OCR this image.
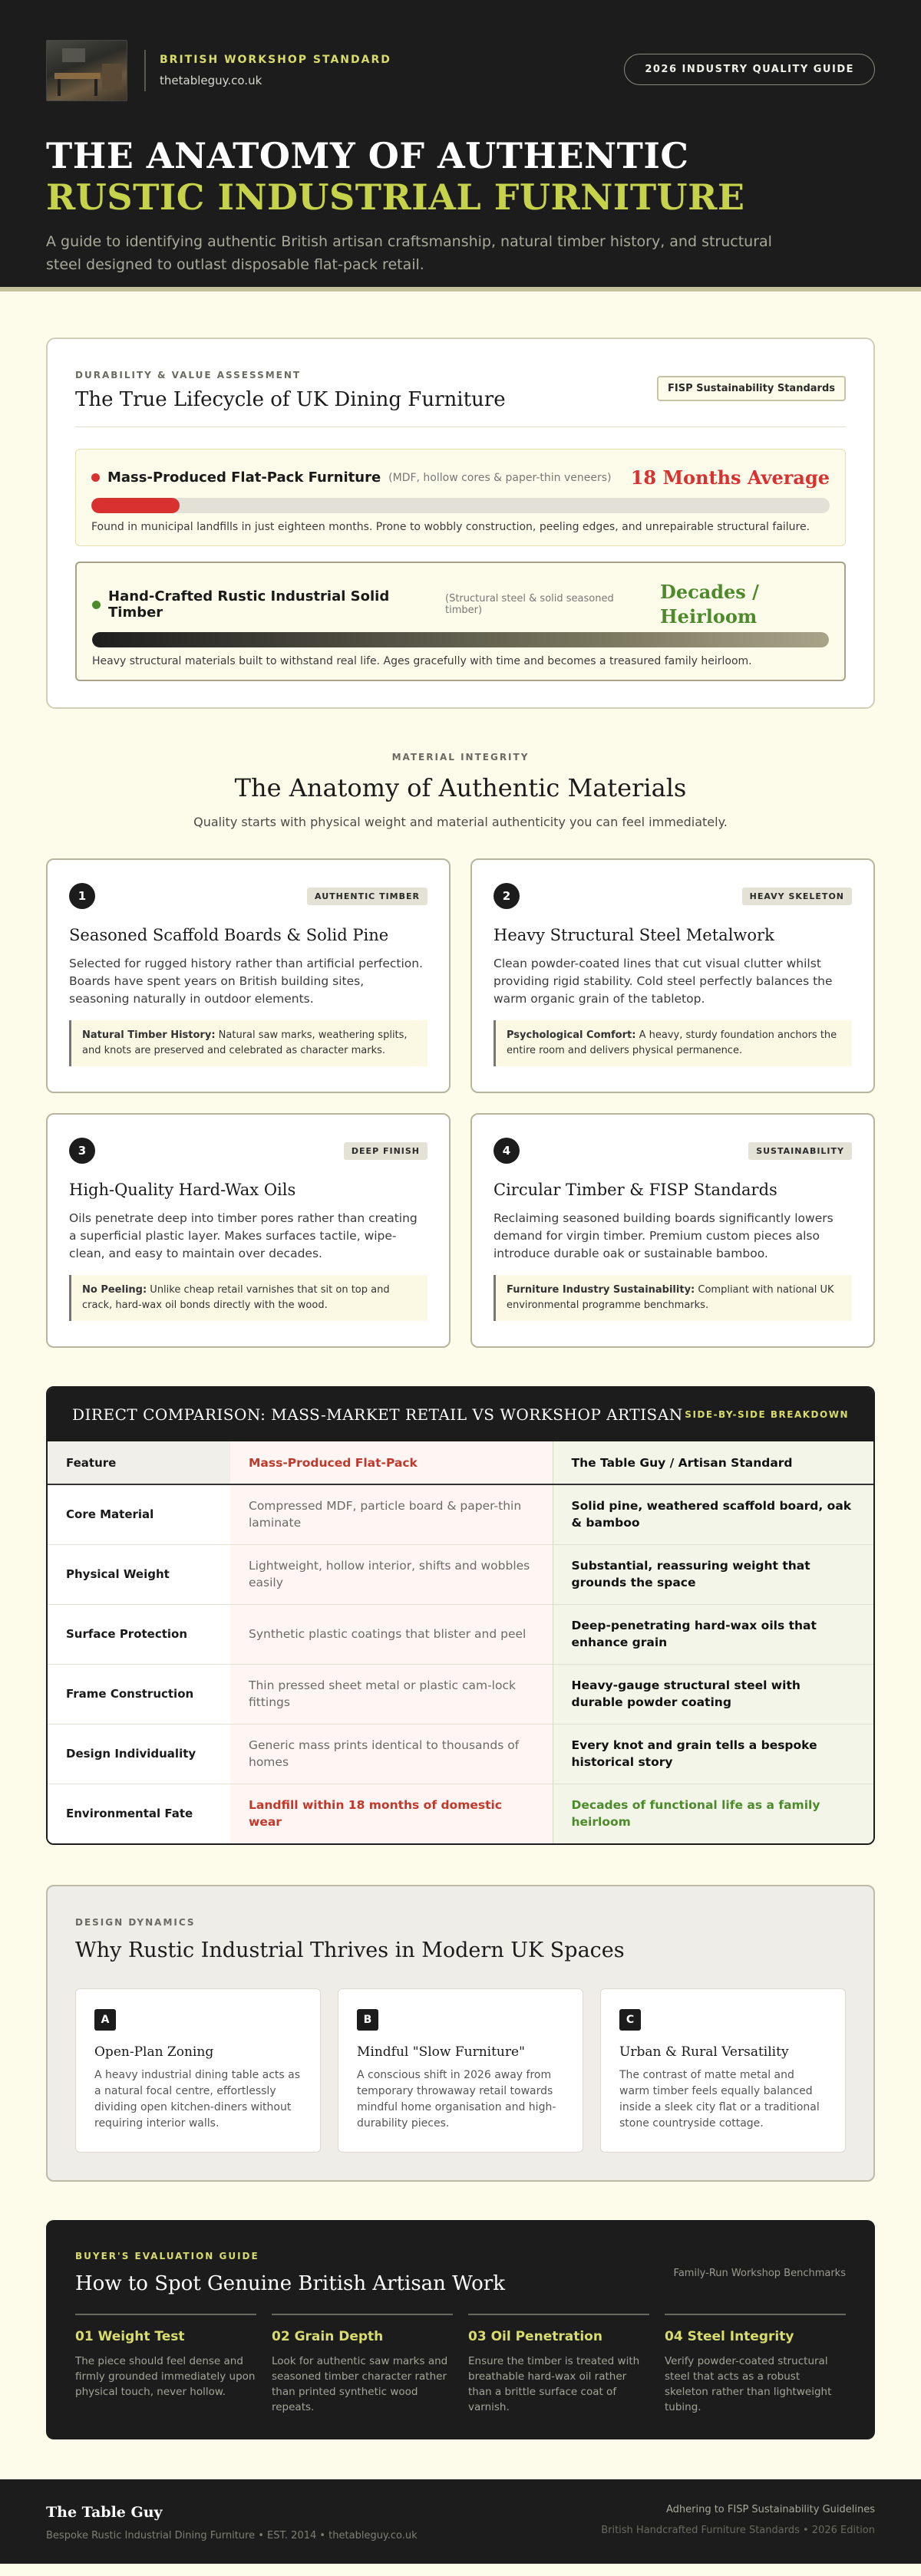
BRITISH WORKSHOP STANDARD
thetableguy.co.uk
2026 INDUSTRY QUALITY GUIDE
THE ANATOMY OF AUTHENTIC
RUSTIC INDUSTRIAL FURNITURE

A guide to identifying authentic British artisan craftsmanship, natural timber history, and structural steel designed to outlast disposable flat-pack retail.

DURABILITY & VALUE ASSESSMENT
The True Lifecycle of UK Dining Furniture	FISP Sustainability Standards
Mass-Produced Flat-Pack Furniture (MDF, hollow cores & paper-thin veneers) 18 Months Average
Found in municipal landfills in just eighteen months. Prone to wobbly construction, peeling edges, and unrepairable structural failure.
Hand-Crafted Rustic Industrial Solid Timber
(Structural steel & solid seasoned timber)
Decades / Heirloom
Heavy structural materials built to withstand real life. Ages gracefully with time and becomes a treasured family heirloom.
MATERIAL INTEGRITY
The Anatomy of Authentic Materials
Quality starts with physical weight and material authenticity you can feel immediately.
1	AUTHENTIC TIMBER
Seasoned Scaffold Boards & Solid Pine

Selected for rugged history rather than artificial perfection. Boards have spent years on British building sites, seasoning naturally in outdoor elements.

Natural Timber History: Natural saw marks, weathering splits, and knots are preserved and celebrated as character marks.
2	HEAVY SKELETON
Heavy Structural Steel Metalwork

Clean powder-coated lines that cut visual clutter whilst providing rigid stability. Cold steel perfectly balances the warm organic grain of the tabletop.

Psychological Comfort: A heavy, sturdy foundation anchors the entire room and delivers physical permanence.
3	DEEP FINISH
High-Quality Hard-Wax Oils

Oils penetrate deep into timber pores rather than creating a superficial plastic layer. Makes surfaces tactile, wipe-clean, and easy to maintain over decades.

No Peeling: Unlike cheap retail varnishes that sit on top and crack, hard-wax oil bonds directly with the wood.
4	SUSTAINABILITY
Circular Timber & FISP Standards

Reclaiming seasoned building boards significantly lowers demand for virgin timber. Premium custom pieces also introduce durable oak or sustainable bamboo.

Furniture Industry Sustainability: Compliant with national UK environmental programme benchmarks.
DIRECT COMPARISON: MASS-MARKET RETAIL VS WORKSHOP ARTISAN SIDE-BY-SIDE BREAKDOWN
Feature	Mass-Produced Flat-Pack	The Table Guy / Artisan Standard
Core Material	Compressed MDF, particle board & paper-thin laminate	Solid pine, weathered scaffold board, oak & bamboo
Physical Weight	Lightweight, hollow interior, shifts and wobbles easily	Substantial, reassuring weight that grounds the space
Surface Protection	Synthetic plastic coatings that blister and peel	Deep-penetrating hard-wax oils that enhance grain
Frame Construction	Thin pressed sheet metal or plastic cam-lock fittings	Heavy-gauge structural steel with durable powder coating
Design Individuality	Generic mass prints identical to thousands of homes	Every knot and grain tells a bespoke historical story
Environmental Fate	Landfill within 18 months of domestic wear	Decades of functional life as a family heirloom
DESIGN DYNAMICS
Why Rustic Industrial Thrives in Modern UK Spaces
A
Open-Plan Zoning

A heavy industrial dining table acts as a natural focal centre, effortlessly dividing open kitchen-diners without requiring interior walls.

B
Mindful "Slow Furniture"

A conscious shift in 2026 away from temporary throwaway retail towards mindful home organisation and high-durability pieces.

C
Urban & Rural Versatility

The contrast of matte metal and warm timber feels equally balanced inside a sleek city flat or a traditional stone countryside cottage.

BUYER'S EVALUATION GUIDE
How to Spot Genuine British Artisan Work	Family-Run Workshop Benchmarks
01 Weight Test

The piece should feel dense and firmly grounded immediately upon physical touch, never hollow.

02 Grain Depth

Look for authentic saw marks and seasoned timber character rather than printed synthetic wood repeats.

03 Oil Penetration

Ensure the timber is treated with breathable hard-wax oil rather than a brittle surface coat of varnish.

04 Steel Integrity

Verify powder-coated structural steel that acts as a robust skeleton rather than lightweight tubing.

The Table Guy
Bespoke Rustic Industrial Dining Furniture • EST. 2014 • thetableguy.co.uk
Adhering to FISP Sustainability Guidelines
British Handcrafted Furniture Standards • 2026 Edition
